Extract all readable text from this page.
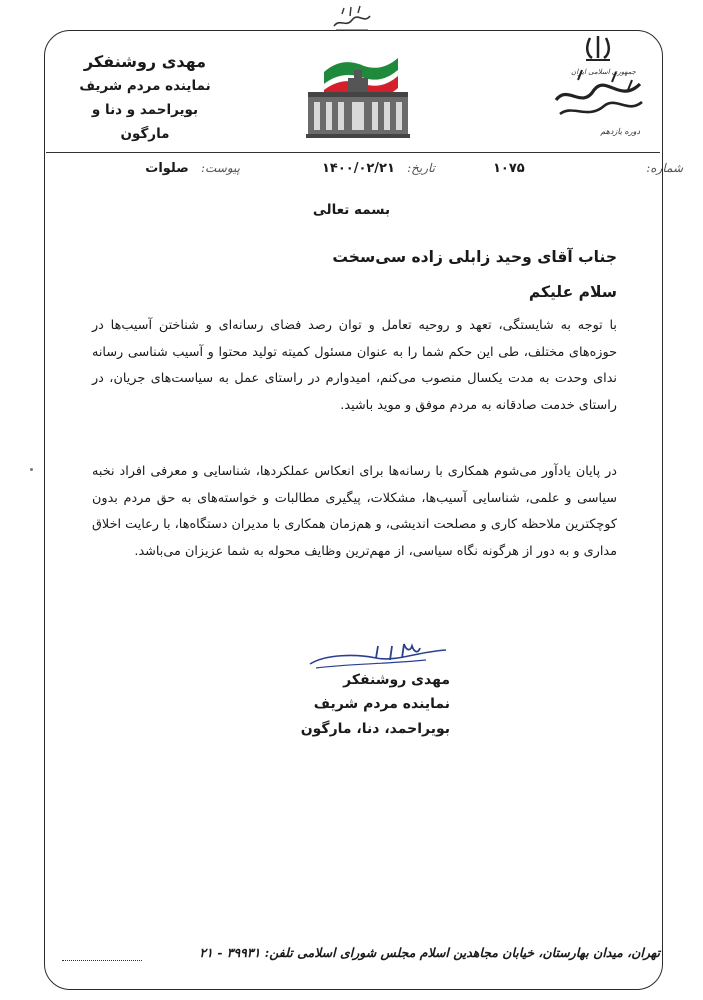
مهدی روشنفکر
نماینده مردم شریف
بویراحمد و دنا و مارگون
جمهوری اسلامی ایران
دوره یازدهم
شماره:
۱۰۷۵
تاریخ: ۱۴۰۰/۰۲/۲۱
پیوست: صلوات
بسمه تعالی
جناب آقای وحید زابلی زاده سی‌سخت
سلام علیکم
با توجه به شایستگی، تعهد و روحیه تعامل و توان رصد فضای رسانه‌ای و شناختن آسیب‌ها در حوزه‌های مختلف، طی این حکم شما را به عنوان مسئول کمیته تولید محتوا و آسیب شناسی رسانه ندای وحدت به مدت یکسال منصوب می‌کنم، امیدوارم در راستای عمل به سیاست‌های جریان، در راستای خدمت صادقانه به مردم موفق و موید باشید.
در پایان یادآور می‌شوم همکاری با رسانه‌ها برای انعکاس عملکردها، شناسایی و معرفی افراد نخبه سیاسی و علمی، شناسایی آسیب‌ها، مشکلات، پیگیری مطالبات و خواسته‌های به حق مردم بدون کوچکترین ملاحظه کاری و مصلحت اندیشی، و هم‌زمان همکاری با مدیران دستگاه‌ها، با رعایت اخلاق مداری و به دور از هرگونه نگاه سیاسی، از مهم‌ترین وظایف محوله به شما عزیزان می‌باشد.
مهدی روشنفکر
نماینده مردم شریف
بویراحمد، دنا، مارگون
تهران، میدان بهارستان، خیابان مجاهدین اسلام مجلس شورای اسلامی تلفن: ۳۹۹۳۱ - ۲۱
